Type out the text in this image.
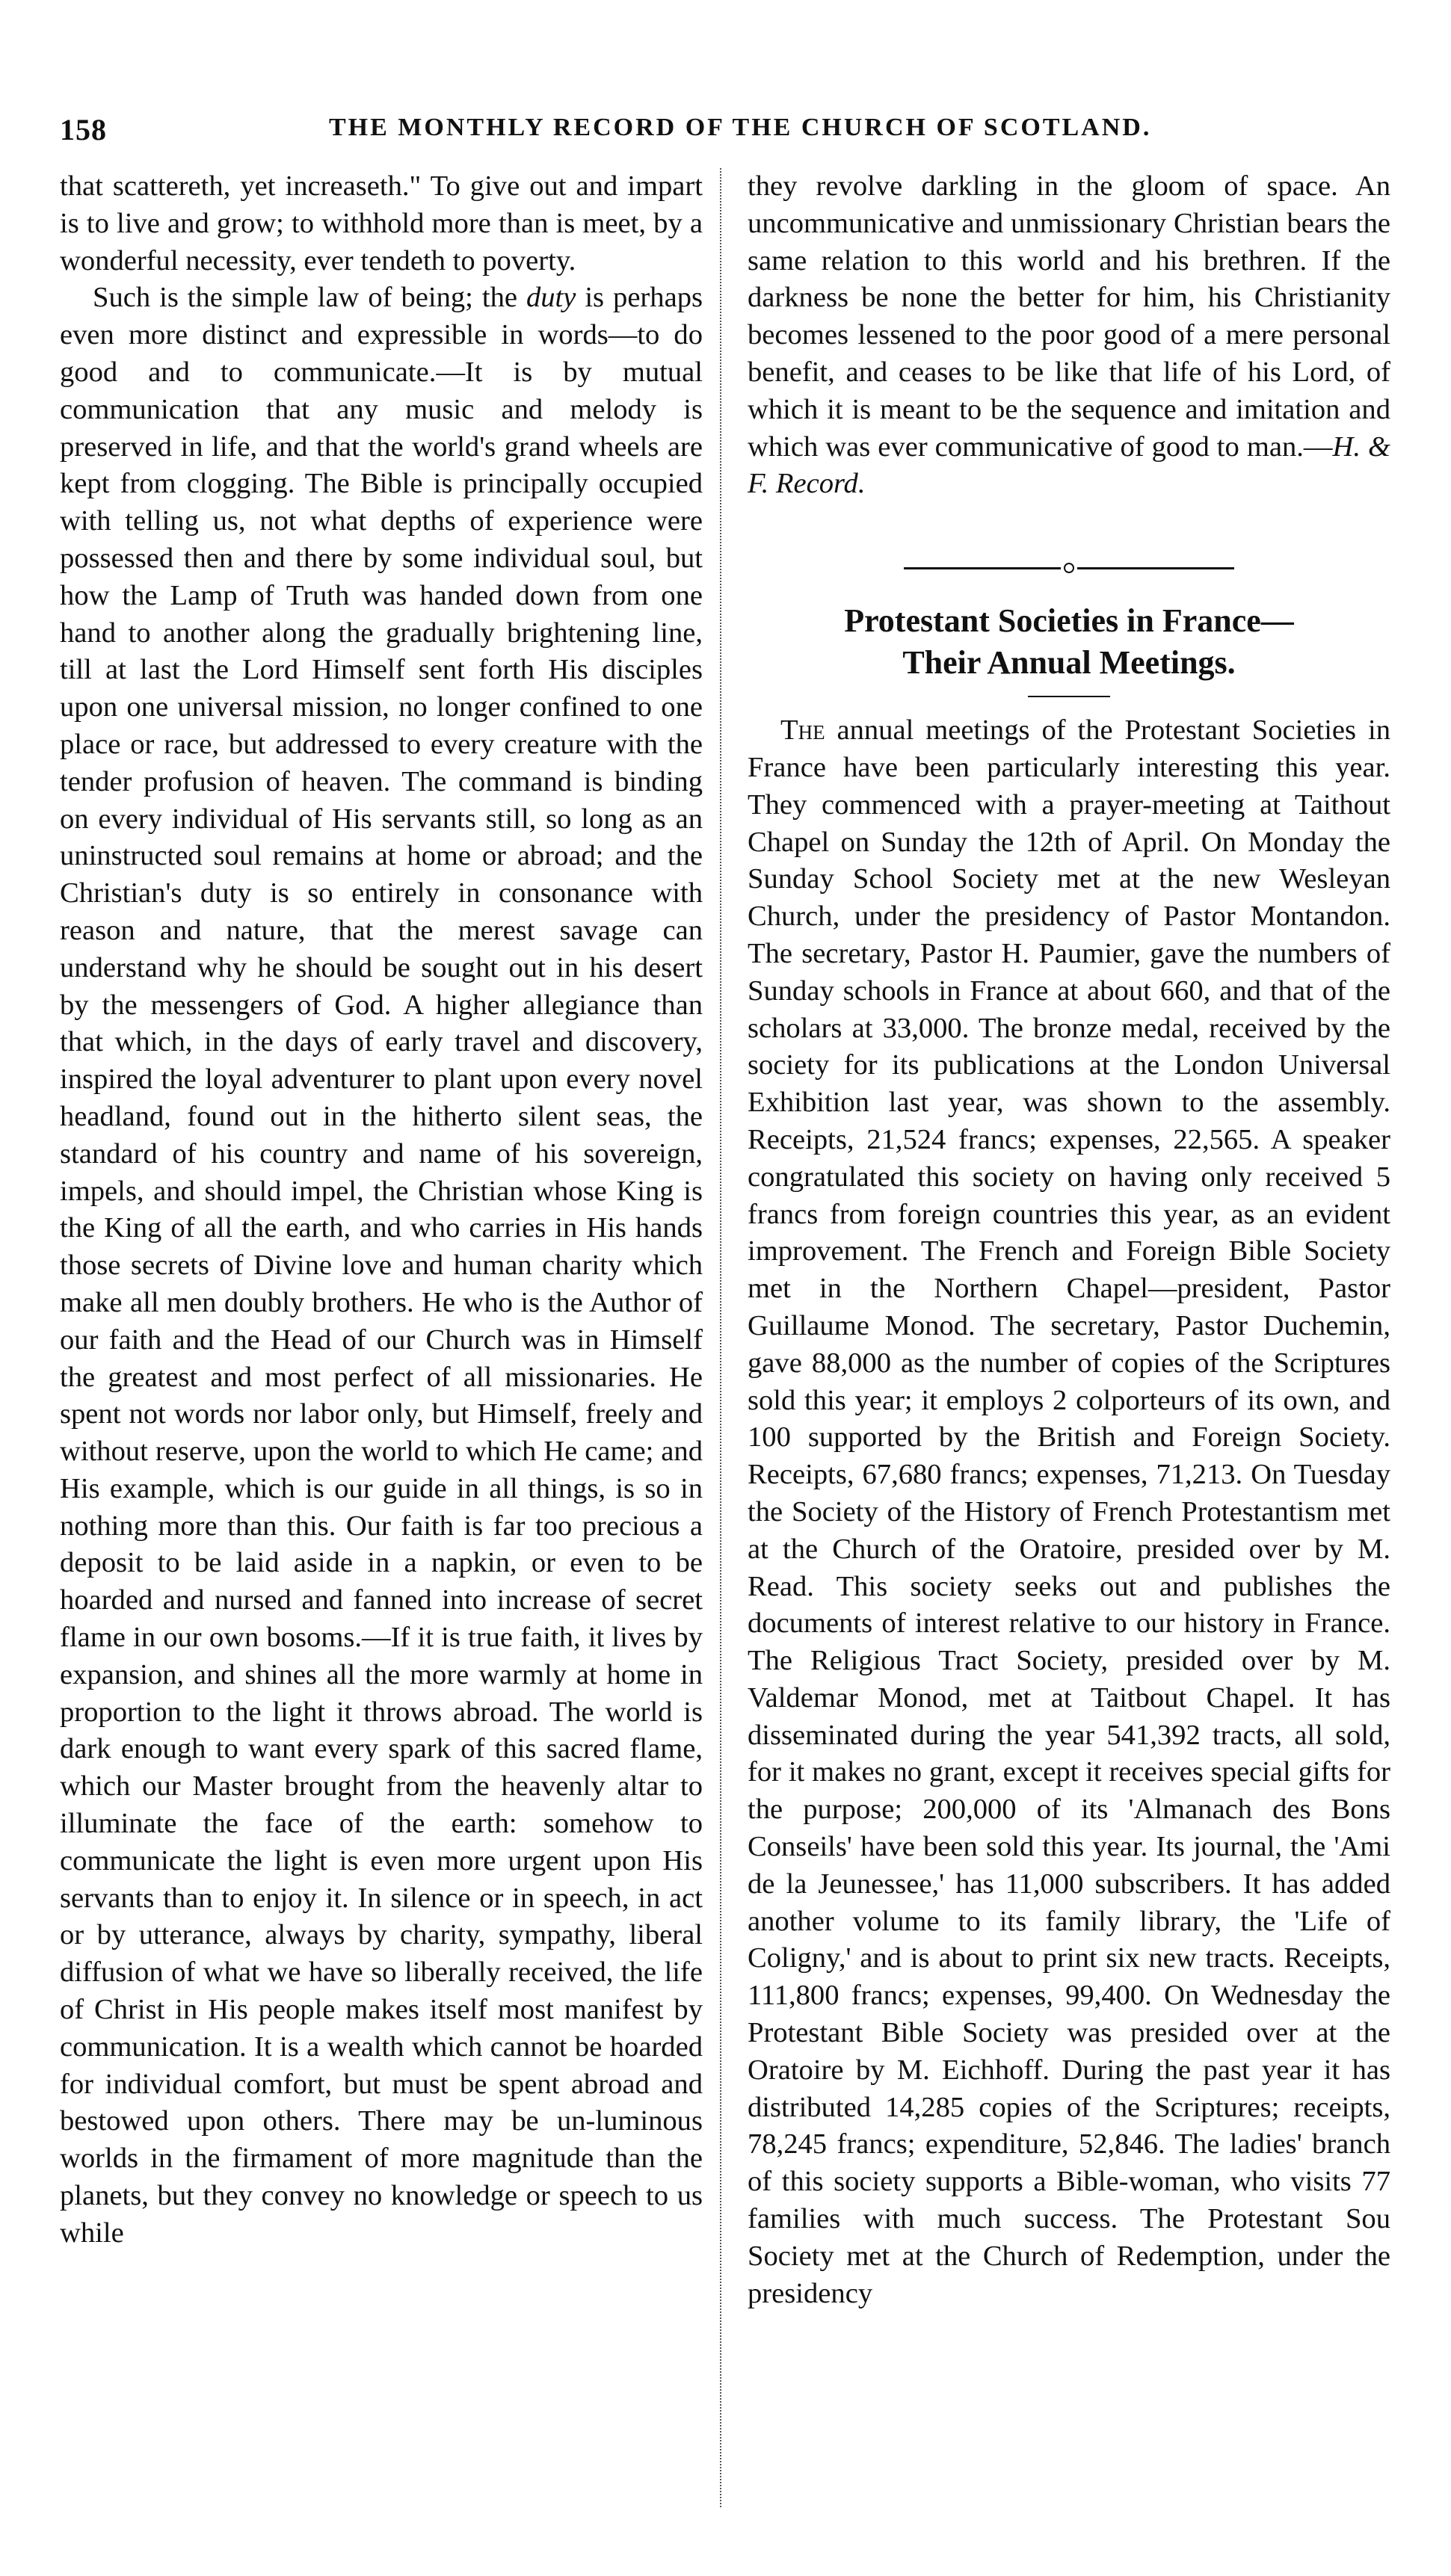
158	THE MONTHLY RECORD OF THE CHURCH OF SCOTLAND.

that scattereth, yet increaseth." To give out and impart is to live and grow; to withhold more than is meet, by a wonderful necessity, ever tendeth to poverty.

Such is the simple law of being; the duty is perhaps even more distinct and expressible in words—to do good and to communicate.—It is by mutual communication that any music and melody is preserved in life, and that the world's grand wheels are kept from clogging. The Bible is principally occupied with telling us, not what depths of experience were possessed then and there by some individual soul, but how the Lamp of Truth was handed down from one hand to another along the gradually brightening line, till at last the Lord Himself sent forth His disciples upon one universal mission, no longer confined to one place or race, but addressed to every creature with the tender profusion of heaven. The command is binding on every individual of His servants still, so long as an uninstructed soul remains at home or abroad; and the Christian's duty is so entirely in consonance with reason and nature, that the merest savage can understand why he should be sought out in his desert by the messengers of God. A higher allegiance than that which, in the days of early travel and discovery, inspired the loyal adventurer to plant upon every novel headland, found out in the hitherto silent seas, the standard of his country and name of his sovereign, impels, and should impel, the Christian whose King is the King of all the earth, and who carries in His hands those secrets of Divine love and human charity which make all men doubly brothers. He who is the Author of our faith and the Head of our Church was in Himself the greatest and most perfect of all missionaries. He spent not words nor labor only, but Himself, freely and without reserve, upon the world to which He came; and His example, which is our guide in all things, is so in nothing more than this. Our faith is far too precious a deposit to be laid aside in a napkin, or even to be hoarded and nursed and fanned into increase of secret flame in our own bosoms.—If it is true faith, it lives by expansion, and shines all the more warmly at home in proportion to the light it throws abroad. The world is dark enough to want every spark of this sacred flame, which our Master brought from the heavenly altar to illuminate the face of the earth: somehow to communicate the light is even more urgent upon His servants than to enjoy it. In silence or in speech, in act or by utterance, always by charity, sympathy, liberal diffusion of what we have so liberally received, the life of Christ in His people makes itself most manifest by communication. It is a wealth which cannot be hoarded for individual comfort, but must be spent abroad and bestowed upon others. There may be un-luminous worlds in the firmament of more magnitude than the planets, but they convey no knowledge or speech to us while

they revolve darkling in the gloom of space. An uncommunicative and unmissionary Christian bears the same relation to this world and his brethren. If the darkness be none the better for him, his Christianity becomes lessened to the poor good of a mere personal benefit, and ceases to be like that life of his Lord, of which it is meant to be the sequence and imitation and which was ever communicative of good to man.—H. & F. Record.

Protestant Societies in France—
Their Annual Meetings.

The annual meetings of the Protestant Societies in France have been particularly interesting this year. They commenced with a prayer-meeting at Taithout Chapel on Sunday the 12th of April. On Monday the Sunday School Society met at the new Wesleyan Church, under the presidency of Pastor Montandon. The secretary, Pastor H. Paumier, gave the numbers of Sunday schools in France at about 660, and that of the scholars at 33,000. The bronze medal, received by the society for its publications at the London Universal Exhibition last year, was shown to the assembly. Receipts, 21,524 francs; expenses, 22,565. A speaker congratulated this society on having only received 5 francs from foreign countries this year, as an evident improvement. The French and Foreign Bible Society met in the Northern Chapel—president, Pastor Guillaume Monod. The secretary, Pastor Duchemin, gave 88,000 as the number of copies of the Scriptures sold this year; it employs 2 colporteurs of its own, and 100 supported by the British and Foreign Society. Receipts, 67,680 francs; expenses, 71,213. On Tuesday the Society of the History of French Protestantism met at the Church of the Oratoire, presided over by M. Read. This society seeks out and publishes the documents of interest relative to our history in France. The Religious Tract Society, presided over by M. Valdemar Monod, met at Taitbout Chapel. It has disseminated during the year 541,392 tracts, all sold, for it makes no grant, except it receives special gifts for the purpose; 200,000 of its 'Almanach des Bons Conseils' have been sold this year. Its journal, the 'Ami de la Jeunessee,' has 11,000 subscribers. It has added another volume to its family library, the 'Life of Coligny,' and is about to print six new tracts. Receipts, 111,800 francs; expenses, 99,400. On Wednesday the Protestant Bible Society was presided over at the Oratoire by M. Eichhoff. During the past year it has distributed 14,285 copies of the Scriptures; receipts, 78,245 francs; expenditure, 52,846. The ladies' branch of this society supports a Bible-woman, who visits 77 families with much success. The Protestant Sou Society met at the Church of Redemption, under the presidency
